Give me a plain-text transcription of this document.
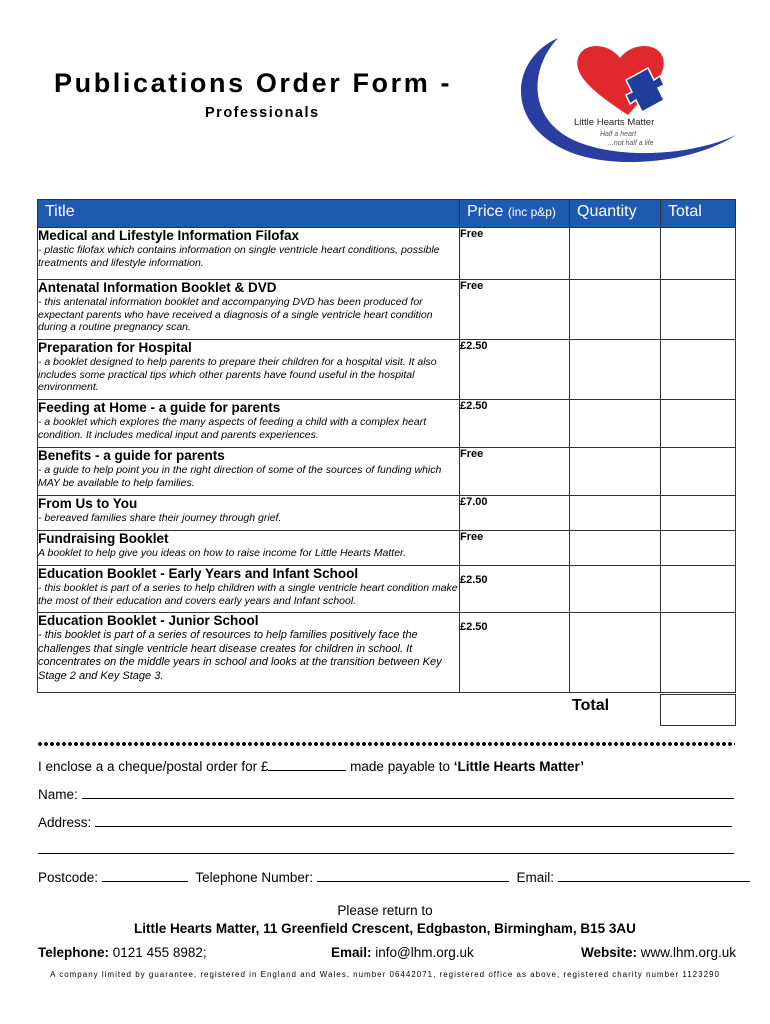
Publications Order Form -
Professionals
Little Hearts Matter
Half a heart
...not half a life
Title	Price (inc p&p)	Quantity	Total

Medical and Lifestyle Information Filofax
- plastic filofax which contains information on single ventricle heart conditions, possible treatments and lifestyle information.	Free		

Antenatal Information Booklet & DVD
- this antenatal information booklet and accompanying DVD has been produced for expectant parents who have received a diagnosis of a single ventricle heart condition during a routine pregnancy scan.	Free		

Preparation for Hospital
- a booklet designed to help parents to prepare their children for a hospital visit. It also includes some practical tips which other parents have found useful in the hospital environment.	£2.50		

Feeding at Home - a guide for parents
- a booklet which explores the many aspects of feeding a child with a complex heart condition. It includes medical input and parents experiences.	£2.50		

Benefits - a guide for parents
- a guide to help point you in the right direction of some of the sources of funding which MAY be available to help families.	Free		

From Us to You
- bereaved families share their journey through grief.	£7.00		

Fundraising Booklet
A booklet to help give you ideas on how to raise income for Little Hearts Matter.	Free		

Education Booklet - Early Years and Infant School
- this booklet is part of a series to help children with a single ventricle heart condition make the most of their education and covers early years and Infant school.	£2.50		

Education Booklet - Junior School
- this booklet is part of a series of resources to help families positively face the challenges that single ventricle heart disease creates for children in school. It concentrates on the middle years in school and looks at the transition between Key Stage 2 and Key Stage 3.	£2.50		
Total
I enclose a a cheque/postal order for £	made payable to ‘Little Hearts Matter’
Name:
Address:
Postcode:	Telephone Number:	Email:
Please return to
Little Hearts Matter, 11 Greenfield Crescent, Edgbaston, Birmingham, B15 3AU
Telephone: 0121 455 8982;	Email: info@lhm.org.uk	Website: www.lhm.org.uk
A company limited by guarantee, registered in England and Wales, number 06442071, registered office as above, registered charity number 1123290
